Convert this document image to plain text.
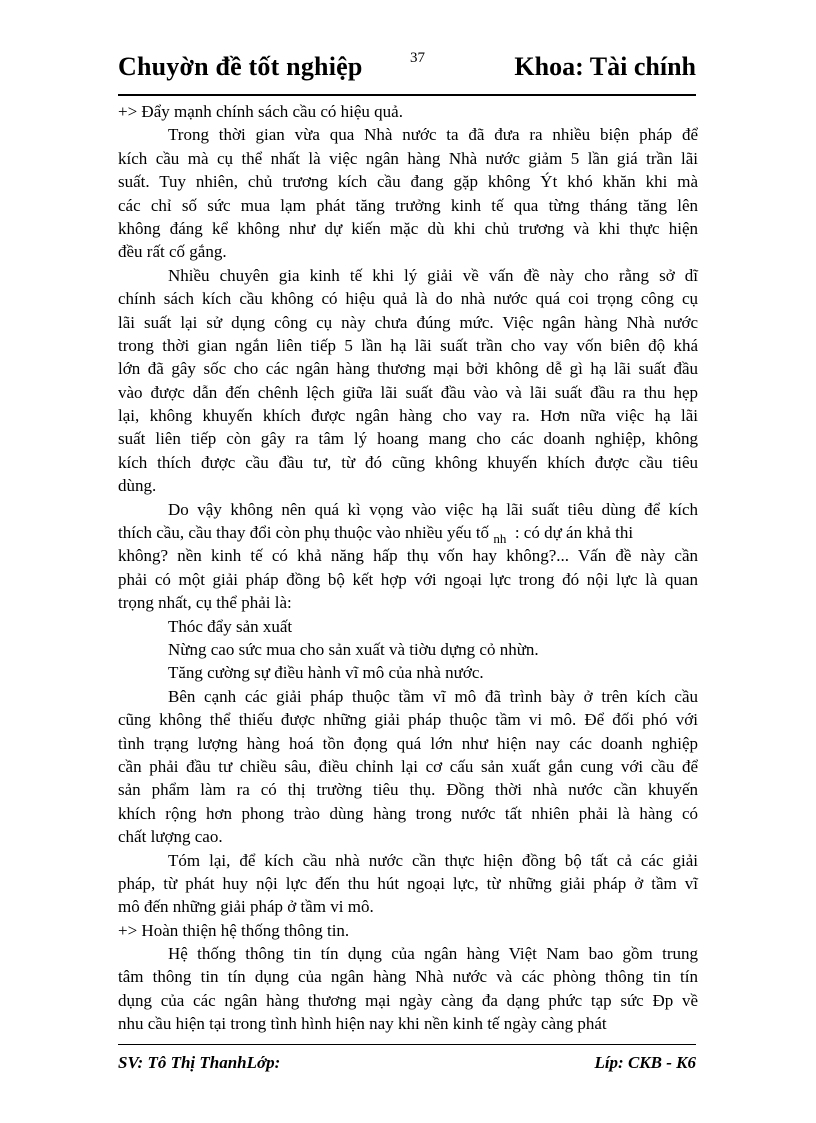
Chuyờn đề tốt nghiệp	37	Khoa: Tài chính
+> Đẩy mạnh chính sách cầu có hiệu quả.
Trong thời gian vừa qua Nhà nước ta đã đưa ra nhiều biện pháp để
kích cầu mà cụ thể nhất là việc ngân hàng Nhà nước giảm 5 lần giá trần lãi
suất. Tuy nhiên, chủ trương kích cầu đang gặp không Ýt khó khăn khi mà
các chỉ số sức mua lạm phát tăng trưởng kinh tế qua từng tháng tăng lên
không đáng kể không như dự kiến mặc dù khi chủ trương và khi thực hiện
đều rất cố gắng.
Nhiều chuyên gia kinh tế khi lý giải về vấn đề này cho rằng sở dĩ
chính sách kích cầu không có hiệu quả là do nhà nước quá coi trọng công cụ
lãi suất lại sử dụng công cụ này chưa đúng mức. Việc ngân hàng Nhà nước
trong thời gian ngắn liên tiếp 5 lần hạ lãi suất trần cho vay vốn biên độ khá
lớn đã gây sốc cho các ngân hàng thương mại bởi không dễ gì hạ lãi suất đầu
vào được dẫn đến chênh lệch giữa lãi suất đầu vào và lãi suất đầu ra thu hẹp
lại, không khuyến khích được ngân hàng cho vay ra. Hơn nữa việc hạ lãi
suất liên tiếp còn gây ra tâm lý hoang mang cho các doanh nghiệp, không
kích thích được cầu đầu tư, từ đó cũng không khuyến khích được cầu tiêu
dùng.
Do vậy không nên quá kì vọng vào việc hạ lãi suất tiêu dùng để kích
thích cầu, cầu thay đổi còn phụ thuộc vào nhiều yếu tố $_{nh}$  : có dự án khả thi
không? nền kinh tế có khả năng hấp thụ vốn hay không?... Vấn đề này cần
phải có một giải pháp đồng bộ kết hợp với ngoại lực trong đó nội lực là quan
trọng nhất, cụ thể phải là:
Thóc đẩy sản xuất
Nừng cao sức mua cho sản xuất và tiờu dựng cỏ nhừn.
Tăng cường sự điều hành vĩ mô của nhà nước.
Bên cạnh các giải pháp thuộc tầm vĩ mô đã trình bày ở trên kích cầu
cũng không thể thiếu được những giải pháp thuộc tầm vi mô. Để đối phó với
tình trạng lượng hàng hoá tồn đọng quá lớn như hiện nay các doanh nghiệp
cần phải đầu tư chiều sâu, điều chỉnh lại cơ cấu sản xuất gắn cung với cầu để
sản phẩm làm ra có thị trường tiêu thụ. Đồng thời nhà nước cần khuyến
khích rộng hơn phong trào dùng hàng trong nước tất nhiên phải là hàng có
chất lượng cao.
Tóm lại, để kích cầu nhà nước cần thực hiện đồng bộ tất cả các giải
pháp, từ phát huy nội lực đến thu hút ngoại lực, từ những giải pháp ở tầm vĩ
mô đến những giải pháp ở tầm vi mô.
+> Hoàn thiện hệ thống thông tin.
Hệ thống thông tin tín dụng của ngân hàng Việt Nam bao gồm trung
tâm thông tin tín dụng của ngân hàng Nhà nước và các phòng thông tin tín
dụng của các ngân hàng thương mại ngày càng đa dạng phức tạp sức Ðp về
nhu cầu hiện tại trong tình hình hiện nay khi nền kinh tế ngày càng phát
SV: Tô Thị ThanhLớp:	Líp: CKB - K6
